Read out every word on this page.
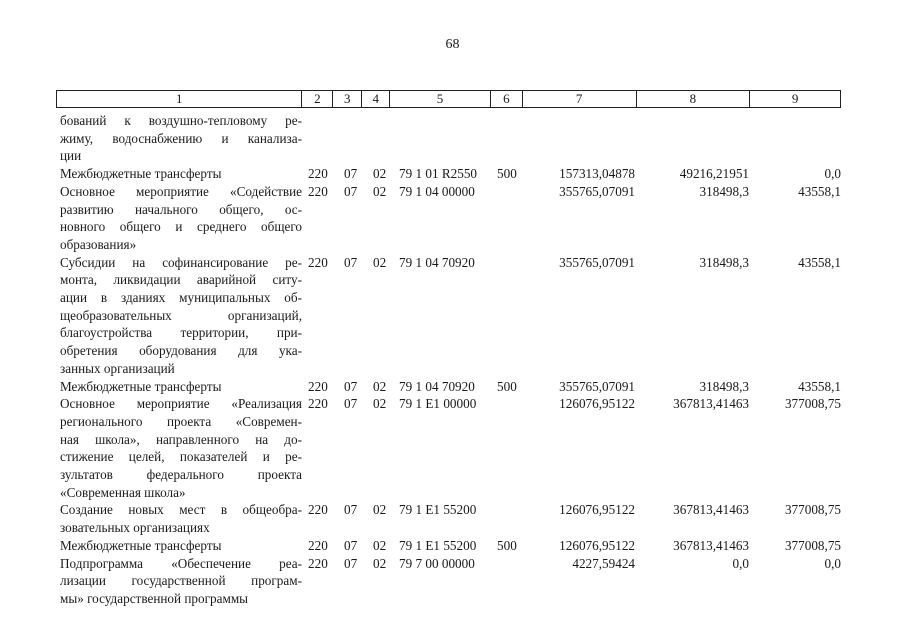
68
1	2	3	4	5	6	7	8	9
бований к воздушно-тепловому ре-
жиму, водоснабжению и канализа-
ции
Межбюджетные трансферты	220 07 02 79 1 01 R2550 500	157313,04878	49216,21951	0,0
Основное мероприятие «Содействие
развитию начального общего, ос-
новного общего и среднего общего
образования»
220 07 02 79 1 04 00000	355765,07091	318498,3	43558,1
Субсидии на софинансирование ре-
монта, ликвидации аварийной ситу-
ации в зданиях муниципальных об-
щеобразовательных организаций,
благоустройства территории, при-
обретения оборудования для ука-
занных организаций
220 07 02 79 1 04 70920	355765,07091	318498,3	43558,1
Межбюджетные трансферты	220 07 02 79 1 04 70920 500	355765,07091	318498,3	43558,1
Основное мероприятие «Реализация
регионального проекта «Современ-
ная школа», направленного на до-
стижение целей, показателей и ре-
зультатов федерального проекта
«Современная школа»
220 07 02 79 1 E1 00000	126076,95122	367813,41463	377008,75
Создание новых мест в общеобра-
зовательных организациях
220 07 02 79 1 E1 55200	126076,95122	367813,41463	377008,75
Межбюджетные трансферты	220 07 02 79 1 E1 55200 500	126076,95122	367813,41463	377008,75
Подпрограмма «Обеспечение реа-
лизации государственной програм-
мы» государственной программы
220 07 02 79 7 00 00000	4227,59424	0,0	0,0
